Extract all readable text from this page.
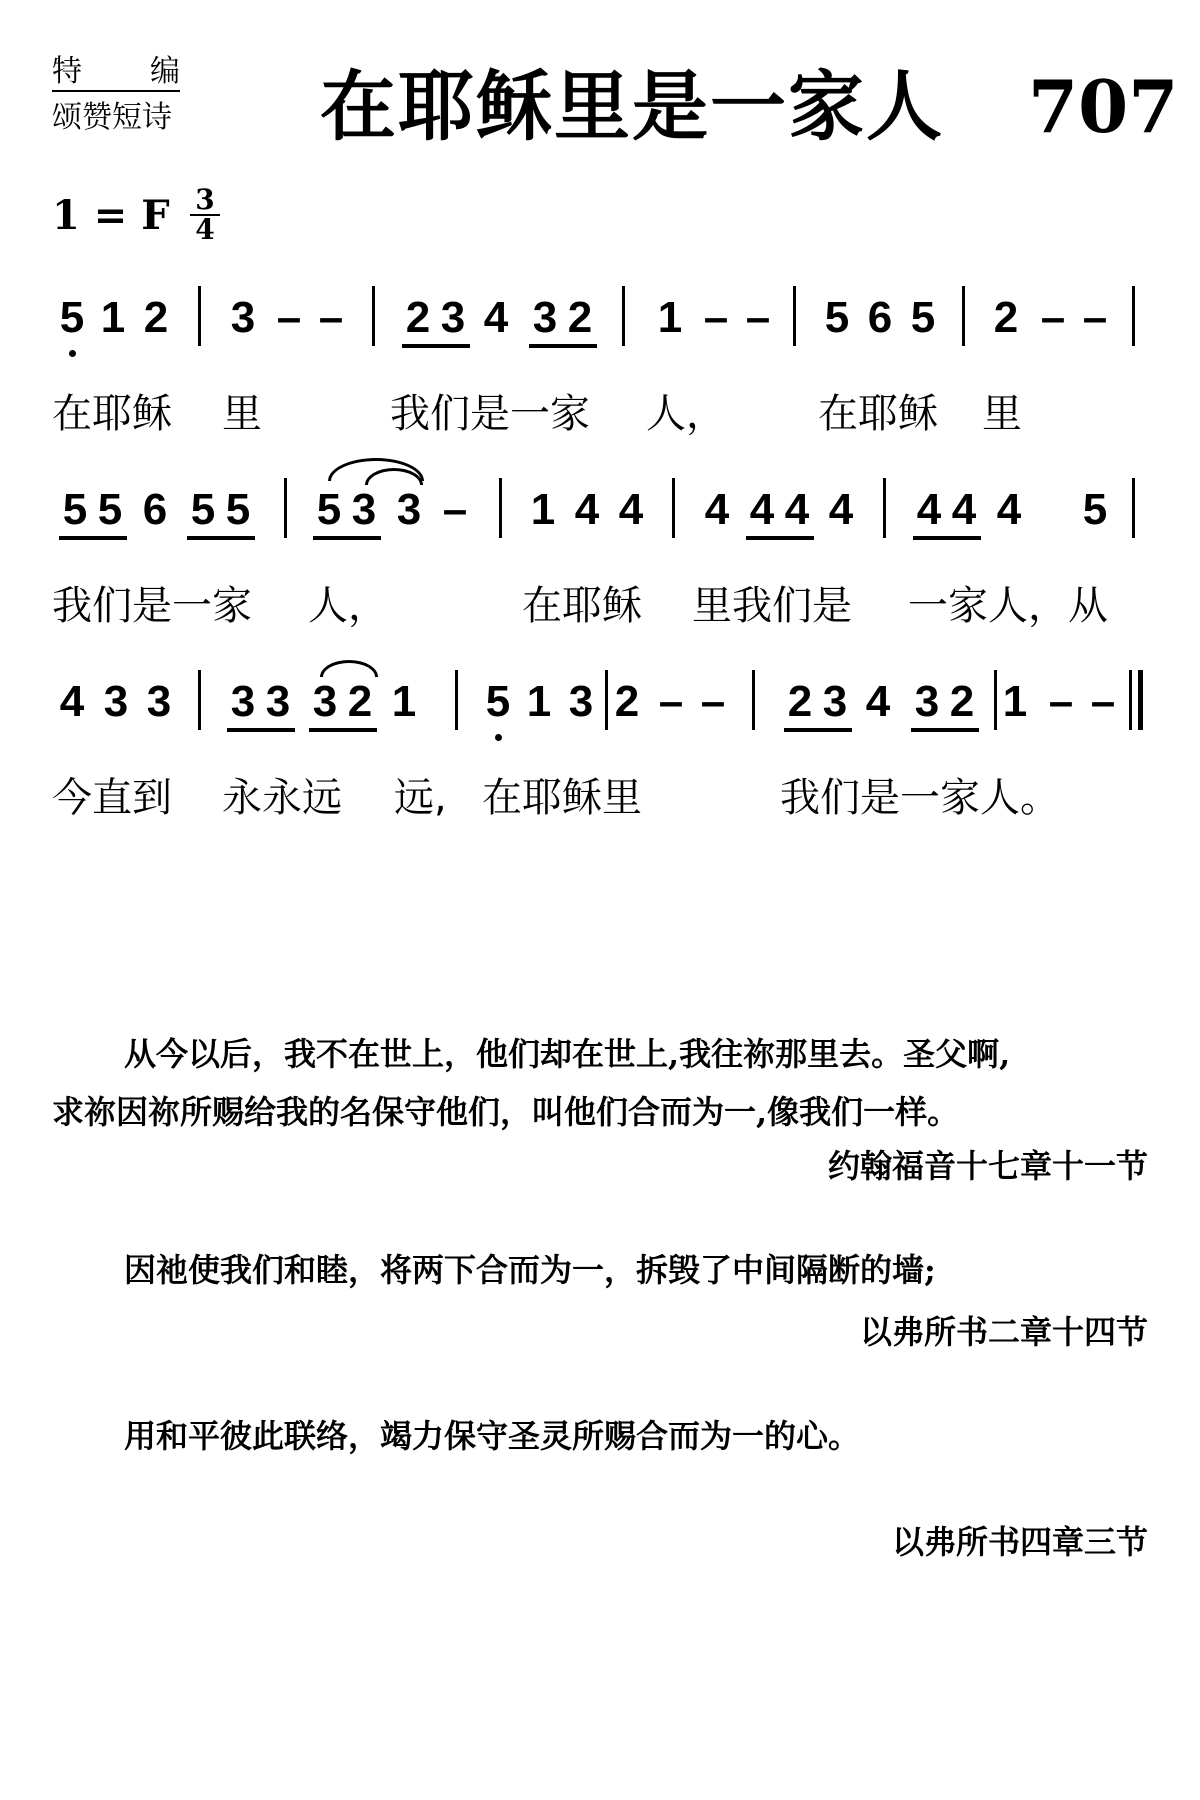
特 编
颂赞短诗 在耶稣里是一家人 707
1 = F $\frac{3}{4}$
5 1 2 3 – – 2 3 4 3 2 1 – – 5 6 5 2 – –
在耶稣 里	我们是一家 人， 在耶稣 里
5 5 6 5 5 5 3 3 – 1 4 4 4 4 4 4 4 4 4 5
我们是一家 人，	在耶稣 里我们是 一家人，从
4 3 3 3 3 3 2 1 5 1 3 2 – – 2 3 4 3 2 1 – –
今直到 永永远 远, 在耶稣里	我们是一家人。
从今以后，我不在世上，他们却在世上,我往祢那里去。圣父啊,
求祢因祢所赐给我的名保守他们，叫他们合而为一,像我们一样。
约翰福音十七章十一节
因祂使我们和睦，将两下合而为一，拆毁了中间隔断的墙;
以弗所书二章十四节
用和平彼此联络，竭力保守圣灵所赐合而为一的心。
以弗所书四章三节
